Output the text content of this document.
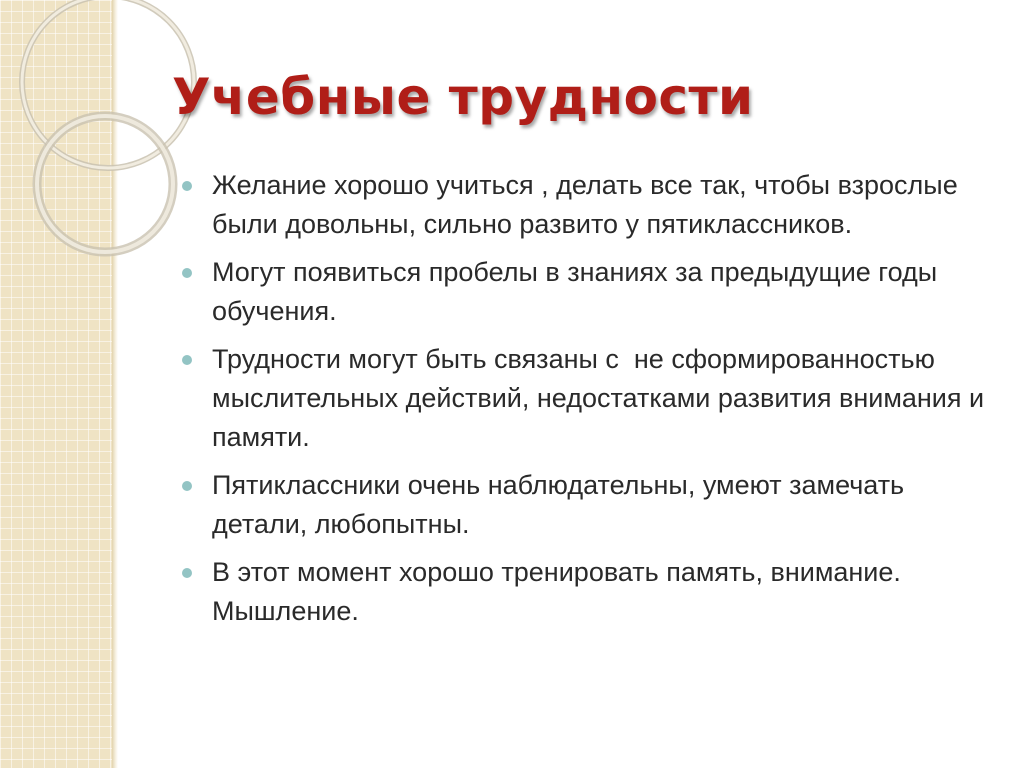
Учебные трудности
Желание хорошо учиться , делать все так, чтобы взрослые были довольны, сильно развито у пятиклассников.
Могут появиться пробелы в знаниях за предыдущие годы обучения.
Трудности могут быть связаны с  не сформированностью  мыслительных действий, недостатками развития внимания и памяти.
Пятиклассники очень наблюдательны, умеют замечать детали, любопытны.
В этот момент хорошо тренировать память, внимание. Мышление.
